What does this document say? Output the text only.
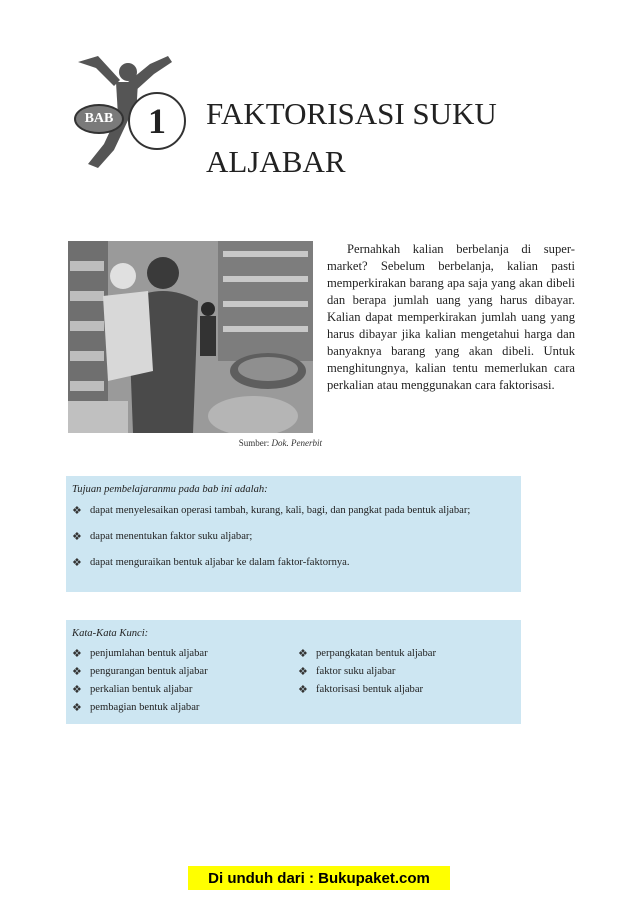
BAB 1	FAKTORISASI SUKU
ALJABAR
Sumber: Dok. Penerbit

Pernahkah kalian berbelanja di super-market? Sebelum berbelanja, kalian pasti memperkirakan barang apa saja yang akan dibeli dan berapa jumlah uang yang harus dibayar. Kalian dapat memperkirakan jumlah uang yang harus dibayar jika kalian mengetahui harga dan banyaknya barang yang akan dibeli. Untuk menghitungnya, kalian tentu memerlukan cara perkalian atau menggunakan cara faktorisasi.

Tujuan pembelajaranmu pada bab ini adalah:
❖ dapat menyelesaikan operasi tambah, kurang, kali, bagi, dan pangkat pada bentuk aljabar;
❖ dapat menentukan faktor suku aljabar;
❖ dapat menguraikan bentuk aljabar ke dalam faktor-faktornya.
Kata-Kata Kunci:
❖ penjumlahan bentuk aljabar	❖ perpangkatan bentuk aljabar
❖ pengurangan bentuk aljabar	❖ faktor suku aljabar
❖ perkalian bentuk aljabar	❖ faktorisasi bentuk aljabar
❖ pembagian bentuk aljabar
Di unduh dari : Bukupaket.com
